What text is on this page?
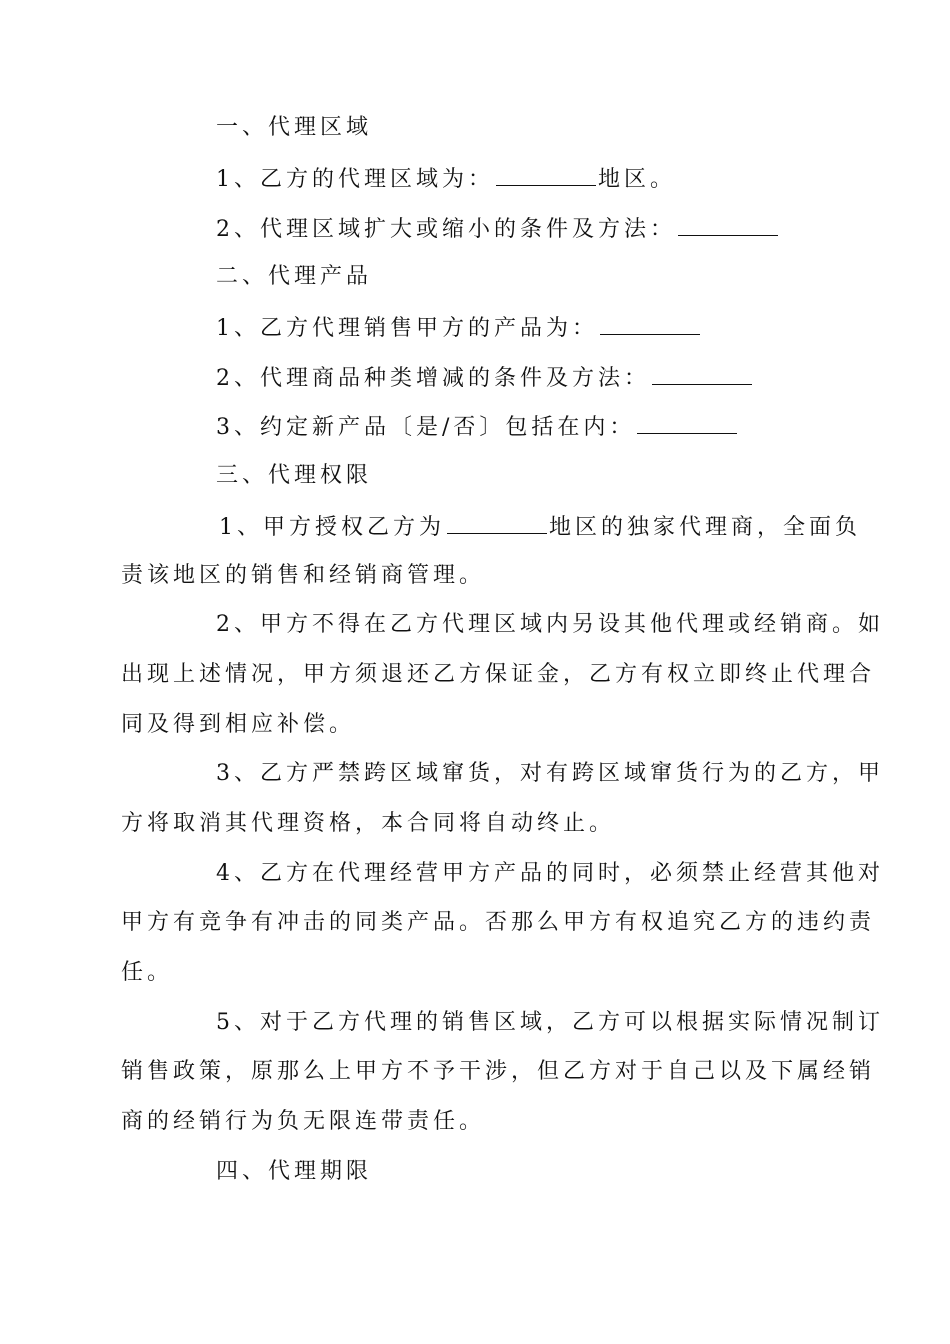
一、代理区域
1、乙方的代理区域为：	地区。
2、代理区域扩大或缩小的条件及方法：
二、代理产品
1、乙方代理销售甲方的产品为：
2、代理商品种类增减的条件及方法：
3、约定新产品〔是/否〕包括在内：
三、代理权限
1、甲方授权乙方为	地区的独家代理商，全面负
责该地区的销售和经销商管理。
2、甲方不得在乙方代理区域内另设其他代理或经销商。如
出现上述情况，甲方须退还乙方保证金，乙方有权立即终止代理合
同及得到相应补偿。
3、乙方严禁跨区域窜货，对有跨区域窜货行为的乙方，甲
方将取消其代理资格，本合同将自动终止。
4、乙方在代理经营甲方产品的同时，必须禁止经营其他对
甲方有竞争有冲击的同类产品。否那么甲方有权追究乙方的违约责
任。
5、对于乙方代理的销售区域，乙方可以根据实际情况制订
销售政策，原那么上甲方不予干涉，但乙方对于自己以及下属经销
商的经销行为负无限连带责任。
四、代理期限
